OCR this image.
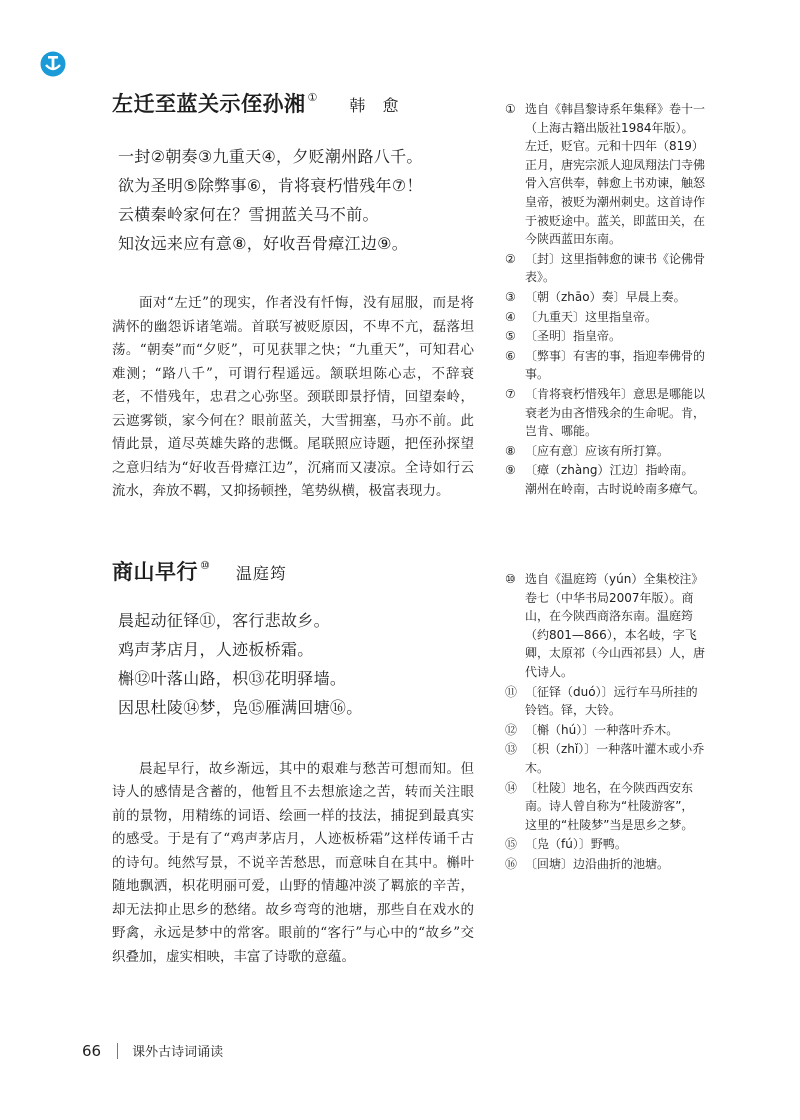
左迁至蓝关示侄孙湘 ① 韩 愈
一封②朝奏③九重天④，夕贬潮州路八千。
欲为圣明⑤除弊事⑥，肯将衰朽惜残年⑦！
云横秦岭家何在？雪拥蓝关马不前。
知汝远来应有意⑧，好收吾骨瘴江边⑨。

面对“左迁”的现实，作者没有忏悔，没有屈服，而是将满怀的幽怨诉诸笔端。首联写被贬原因，不卑不亢，磊落坦荡。“朝奏”而“夕贬”，可见获罪之快；“九重天”，可知君心难测；“路八千”，可谓行程遥远。颔联坦陈心志，不辞衰老，不惜残年，忠君之心弥坚。颈联即景抒情，回望秦岭，云遮雾锁，家今何在？眼前蓝关，大雪拥塞，马亦不前。此情此景，道尽英雄失路的悲慨。尾联照应诗题，把侄孙探望之意归结为“好收吾骨瘴江边”，沉痛而又凄凉。全诗如行云流水，奔放不羁，又抑扬顿挫，笔势纵横，极富表现力。

商山早行 ⑩ 温庭筠
晨起动征铎⑪，客行悲故乡。
鸡声茅店月，人迹板桥霜。
槲⑫叶落山路，枳⑬花明驿墙。
因思杜陵⑭梦，凫⑮雁满回塘⑯。

晨起早行，故乡渐远，其中的艰难与愁苦可想而知。但诗人的感情是含蓄的，他暂且不去想旅途之苦，转而关注眼前的景物，用精练的词语、绘画一样的技法，捕捉到最真实的感受。于是有了“鸡声茅店月，人迹板桥霜”这样传诵千古的诗句。纯然写景，不说辛苦愁思，而意味自在其中。槲叶随地飘洒，枳花明丽可爱，山野的情趣冲淡了羁旅的辛苦，却无法抑止思乡的愁绪。故乡弯弯的池塘，那些自在戏水的野禽，永远是梦中的常客。眼前的“客行”与心中的“故乡”交织叠加，虚实相映，丰富了诗歌的意蕴。

① 选自《韩昌黎诗系年集释》卷十一（上海古籍出版社1984年版）。左迁，贬官。元和十四年（819）正月，唐宪宗派人迎凤翔法门寺佛骨入宫供奉，韩愈上书劝谏，触怒皇帝，被贬为潮州刺史。这首诗作于被贬途中。蓝关，即蓝田关，在今陕西蓝田东南。
② 〔封〕这里指韩愈的谏书《论佛骨表》。
③ 〔朝（zhāo）奏〕早晨上奏。
④ 〔九重天〕这里指皇帝。
⑤ 〔圣明〕指皇帝。
⑥ 〔弊事〕有害的事，指迎奉佛骨的事。
⑦ 〔肯将衰朽惜残年〕意思是哪能以衰老为由吝惜残余的生命呢。肯，岂肯、哪能。
⑧ 〔应有意〕应该有所打算。
⑨ 〔瘴（zhàng）江边〕指岭南。潮州在岭南，古时说岭南多瘴气。
⑩ 选自《温庭筠（yún）全集校注》卷七（中华书局2007年版）。商山，在今陕西商洛东南。温庭筠（约801—866），本名岐，字飞卿，太原祁（今山西祁县）人，唐代诗人。
⑪ 〔征铎（duó）〕远行车马所挂的铃铛。铎，大铃。
⑫ 〔槲（hú）〕一种落叶乔木。
⑬ 〔枳（zhǐ）〕一种落叶灌木或小乔木。
⑭ 〔杜陵〕地名，在今陕西西安东南。诗人曾自称为“杜陵游客”，这里的“杜陵梦”当是思乡之梦。
⑮ 〔凫（fú）〕野鸭。
⑯ 〔回塘〕边沿曲折的池塘。
66 课外古诗词诵读
